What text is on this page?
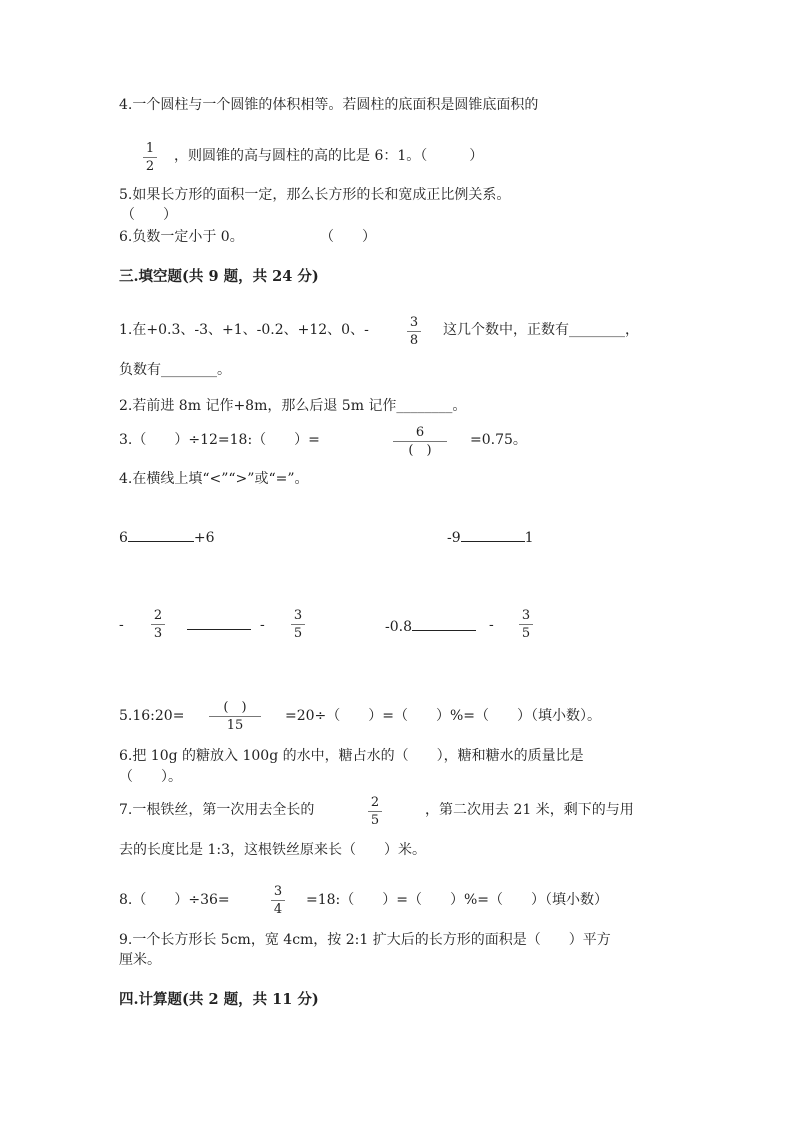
4.一个圆柱与一个圆锥的体积相等。若圆柱的底面积是圆锥底面积的
1
2
，则圆锥的高与圆柱的高的比是 6：1。（　　　）
5.如果长方形的面积一定，那么长方形的长和宽成正比例关系。
（　　）
6.负数一定小于 0。	（　　）
三.填空题(共 9 题，共 24 分)
1.在+0.3、-3、+1、-0.2、+12、0、-	3
8
这几个数中，正数有________，
负数有________。
2.若前进 8m 记作+8m，那么后退 5m 记作________。
3.（　　）÷12=18:（　　）=	6
(　)
=0.75。
4.在横线上填“<”“>”或“=”。
6	+6	-9	1
-
2
3
-
3
5	-0.8	-
3
5
5.16:20=
(　)
15
=20÷（　　）=（　　）%=（　　）（填小数）。
6.把 10g 的糖放入 100g 的水中，糖占水的（　　），糖和糖水的质量比是
（　　）。
7.一根铁丝，第一次用去全长的	2
5
，第二次用去 21 米，剩下的与用
去的长度比是 1:3，这根铁丝原来长（　　）米。
8.（　　）÷36=
3
4
=18:（　　）=（　　）%=（　　）（填小数）
9.一个长方形长 5cm，宽 4cm，按 2:1 扩大后的长方形的面积是（　　）平方
厘米。
四.计算题(共 2 题，共 11 分)
